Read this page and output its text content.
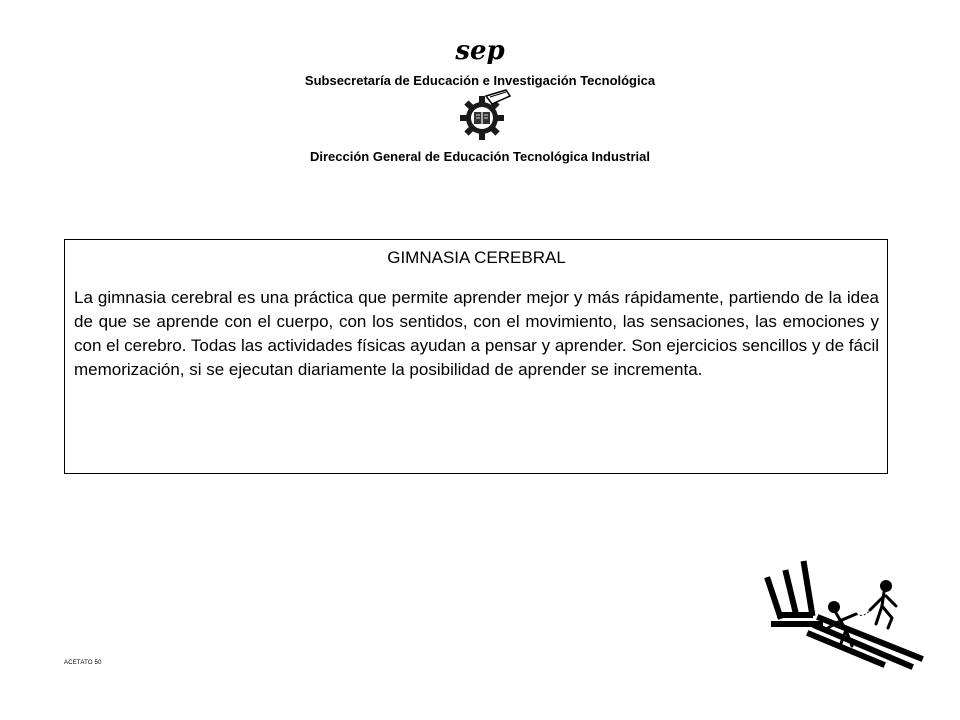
sep
Subsecretaría de Educación e Investigación Tecnológica
Dirección General de Educación Tecnológica Industrial
GIMNASIA CEREBRAL
La gimnasia cerebral es una práctica que permite aprender mejor y más rápidamente, partiendo de la idea de que se aprende con el cuerpo, con los sentidos, con el movimiento, las sensaciones, las emociones y con el cerebro. Todas las actividades físicas ayudan a pensar y aprender. Son ejercicios sencillos y de fácil memorización, si se ejecutan diariamente la posibilidad de aprender se incrementa.
ACETATO 50
